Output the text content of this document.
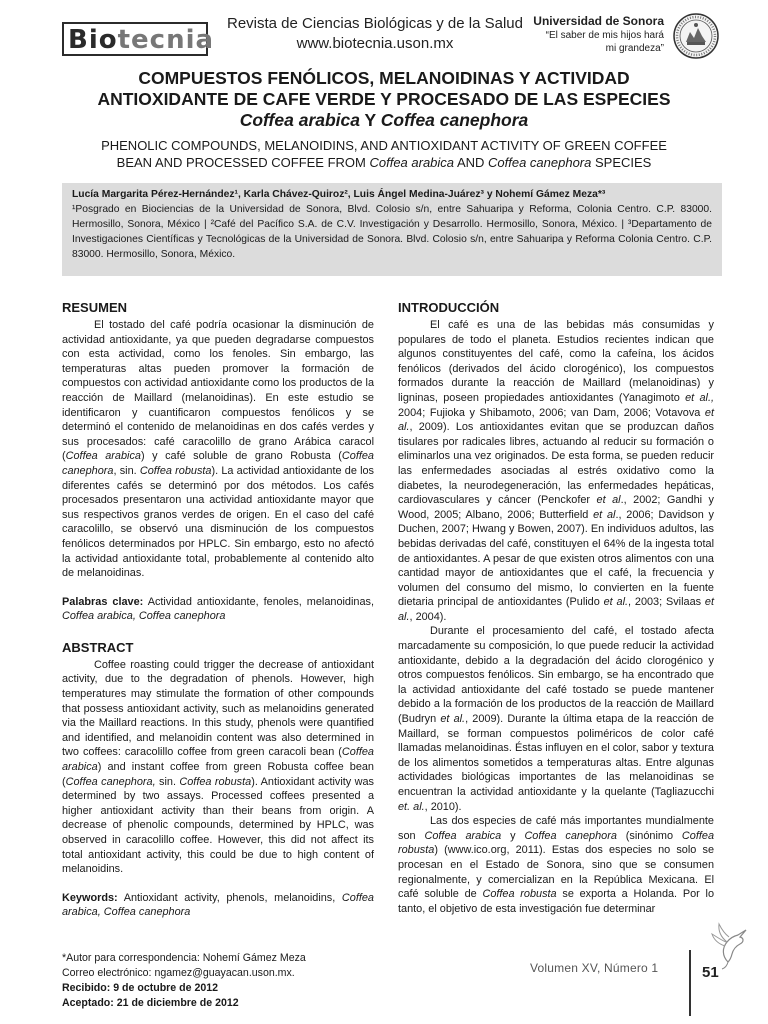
Biotecnia
Revista de Ciencias Biológicas y de la Salud
www.biotecnia.uson.mx
Universidad de Sonora
“El saber de mis hijos hará
mi grandeza”
COMPUESTOS FENÓLICOS, MELANOIDINAS Y ACTIVIDAD
ANTIOXIDANTE DE CAFE VERDE Y PROCESADO DE LAS ESPECIES
Coffea arabica Y Coffea canephora
PHENOLIC COMPOUNDS, MELANOIDINS, AND ANTIOXIDANT ACTIVITY OF GREEN COFFEE
BEAN AND PROCESSED COFFEE FROM Coffea arabica AND Coffea canephora SPECIES
Lucía Margarita Pérez-Hernández¹, Karla Chávez-Quiroz², Luis Ángel Medina-Juárez³ y Nohemí Gámez Meza*³
¹Posgrado en Biociencias de la Universidad de Sonora, Blvd. Colosio s/n, entre Sahuaripa y Reforma, Colonia Centro. C.P. 83000. Hermosillo, Sonora, México | ²Café del Pacífico S.A. de C.V. Investigación y Desarrollo. Hermosillo, Sonora, México. | ³Departamento de Investigaciones Científicas y Tecnológicas de la Universidad de Sonora. Blvd. Colosio s/n, entre Sahuaripa y Reforma Colonia Centro. C.P. 83000. Hermosillo, Sonora, México.
RESUMEN

El tostado del café podría ocasionar la disminución de actividad antioxidante, ya que pueden degradarse compuestos con esta actividad, como los fenoles. Sin embargo, las temperaturas altas pueden promover la formación de compuestos con actividad antioxidante como los productos de la reacción de Maillard (melanoidinas). En este estudio se identificaron y cuantificaron compuestos fenólicos y se determinó el contenido de melanoidinas en dos cafés verdes y sus procesados: café caracolillo de grano Arábica caracol (Coffea arabica) y café soluble de grano Robusta (Coffea canephora, sin. Coffea robusta). La actividad antioxidante de los diferentes cafés se determinó por dos métodos. Los cafés procesados presentaron una actividad antioxidante mayor que sus respectivos granos verdes de origen. En el caso del café caracolillo, se observó una disminución de los compuestos fenólicos determinados por HPLC. Sin embargo, esto no afectó la actividad antioxidante total, probablemente al contenido alto de melanoidinas.

Palabras clave: Actividad antioxidante, fenoles, melanoidinas, Coffea arabica, Coffea canephora

ABSTRACT

Coffee roasting could trigger the decrease of antioxidant activity, due to the degradation of phenols. However, high temperatures may stimulate the formation of other compounds that possess antioxidant activity, such as melanoidins generated via the Maillard reactions. In this study, phenols were quantified and identified, and melanoidin content was also determined in two coffees: caracolillo coffee from green caracoli bean (Coffea arabica) and instant coffee from green Robusta coffee bean (Coffea canephora, sin. Coffea robusta). Antioxidant activity was determined by two assays. Processed coffees presented a higher antioxidant activity than their beans from origin. A decrease of phenolic compounds, determined by HPLC, was observed in caracolillo coffee. However, this did not affect its total antioxidant activity, this could be due to high content of melanoidins.

Keywords: Antioxidant activity, phenols, melanoidins, Coffea arabica, Coffea canephora

INTRODUCCIÓN

El café es una de las bebidas más consumidas y populares de todo el planeta. Estudios recientes indican que algunos constituyentes del café, como la cafeína, los ácidos fenólicos (derivados del ácido clorogénico), los compuestos formados durante la reacción de Maillard (melanoidinas) y ligninas, poseen propiedades antioxidantes (Yanagimoto et al., 2004; Fujioka y Shibamoto, 2006; van Dam, 2006; Votavova et al., 2009). Los antioxidantes evitan que se produzcan daños tisulares por radicales libres, actuando al reducir su formación o eliminarlos una vez originados. De esta forma, se pueden reducir las enfermedades asociadas al estrés oxidativo como la diabetes, la neurodegeneración, las enfermedades hepáticas, cardiovasculares y cáncer (Penckofer et al., 2002; Gandhi y Wood, 2005; Albano, 2006; Butterfield et al., 2006; Davidson y Duchen, 2007; Hwang y Bowen, 2007). En individuos adultos, las bebidas derivadas del café, constituyen el 64% de la ingesta total de antioxidantes. A pesar de que existen otros alimentos con una cantidad mayor de antioxidantes que el café, la frecuencia y volumen del consumo del mismo, lo convierten en la fuente dietaria principal de antioxidantes (Pulido et al., 2003; Svilaas et al., 2004).

Durante el procesamiento del café, el tostado afecta marcadamente su composición, lo que puede reducir la actividad antioxidante, debido a la degradación del ácido clorogénico y otros compuestos fenólicos. Sin embargo, se ha encontrado que la actividad antioxidante del café tostado se puede mantener debido a la formación de los productos de la reacción de Maillard (Budryn et al., 2009). Durante la última etapa de la reacción de Maillard, se forman compuestos poliméricos de color café llamadas melanoidinas. Éstas influyen en el color, sabor y textura de los alimentos sometidos a temperaturas altas. Entre algunas actividades biológicas importantes de las melanoidinas se encuentran la actividad antioxidante y la quelante (Tagliazucchi et. al., 2010).

Las dos especies de café más importantes mundialmente son Coffea arabica y Coffea canephora (sinónimo Coffea robusta) (www.ico.org, 2011). Estas dos especies no solo se procesan en el Estado de Sonora, sino que se consumen regionalmente, y comercializan en la República Mexicana. El café soluble de Coffea robusta se exporta a Holanda. Por lo tanto, el objetivo de esta investigación fue determinar

*Autor para correspondencia: Nohemí Gámez Meza
Correo electrónico: ngamez@guayacan.uson.mx.
Recibido: 9 de octubre de 2012
Aceptado: 21 de diciembre de 2012
Volumen XV, Número 1	51
